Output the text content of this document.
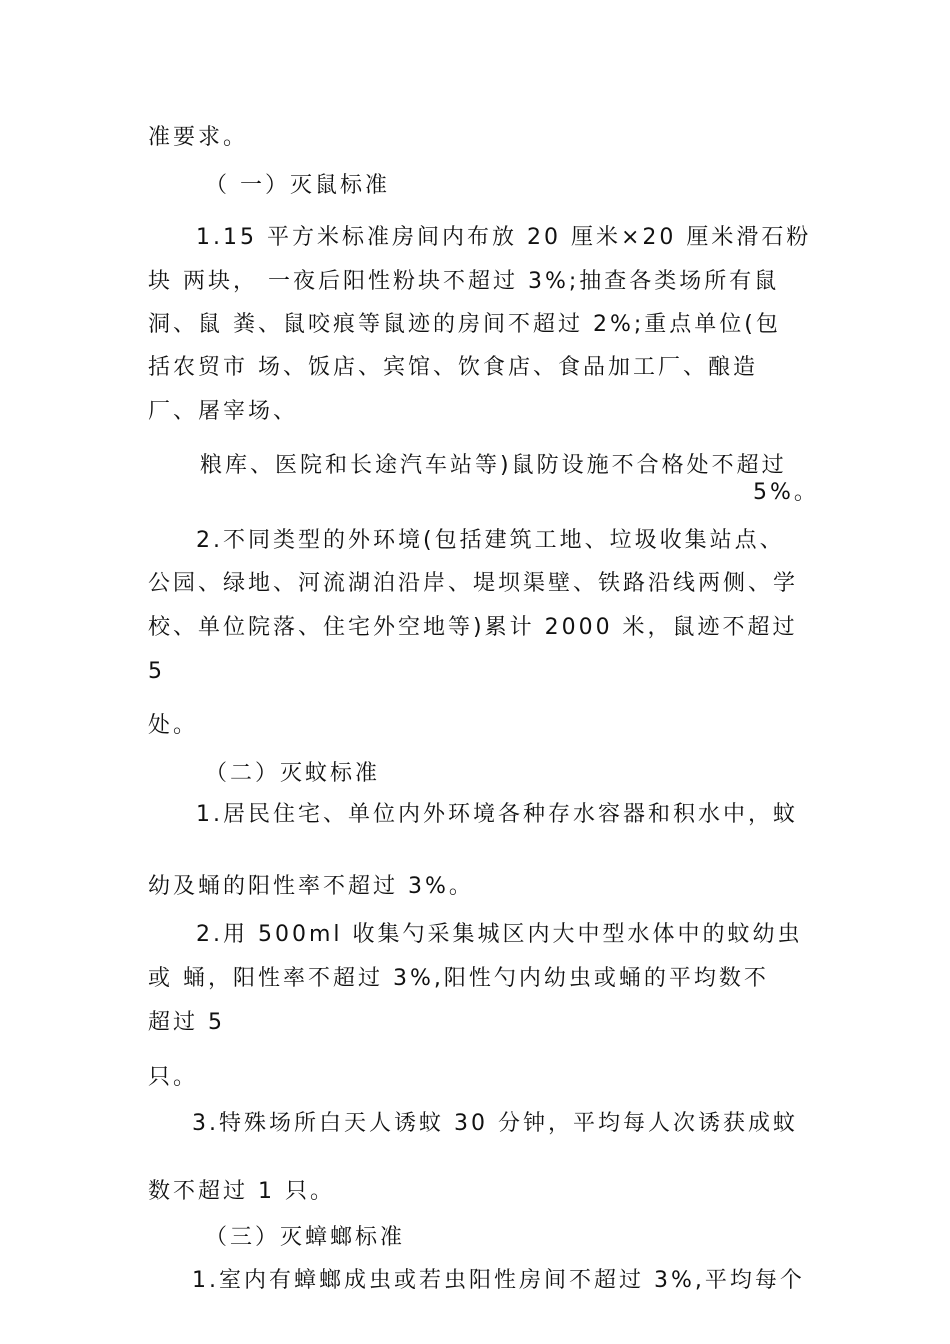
准要求。
（ 一）灭鼠标准
1.15 平方米标准房间内布放 20 厘米×20 厘米滑石粉
块 两块， 一夜后阳性粉块不超过 3%;抽查各类场所有鼠
洞、鼠 粪、鼠咬痕等鼠迹的房间不超过 2%;重点单位(包
括农贸市 场、饭店、宾馆、饮食店、食品加工厂、酿造
厂、屠宰场、
粮库、医院和长途汽车站等)鼠防设施不合格处不超过
5%。
2.不同类型的外环境(包括建筑工地、垃圾收集站点、
公园、绿地、河流湖泊沿岸、堤坝渠壁、铁路沿线两侧、学
校、单位院落、住宅外空地等)累计 2000 米，鼠迹不超过
5
处。
（二）灭蚊标准
1.居民住宅、单位内外环境各种存水容器和积水中，蚊
幼及蛹的阳性率不超过 3%。
2.用 500ml 收集勺采集城区内大中型水体中的蚊幼虫
或 蛹，阳性率不超过 3%,阳性勺内幼虫或蛹的平均数不
超过 5
只。
3.特殊场所白天人诱蚊 30 分钟，平均每人次诱获成蚊
数不超过 1 只。
（三）灭蟑螂标准
1.室内有蟑螂成虫或若虫阳性房间不超过 3%,平均每个
